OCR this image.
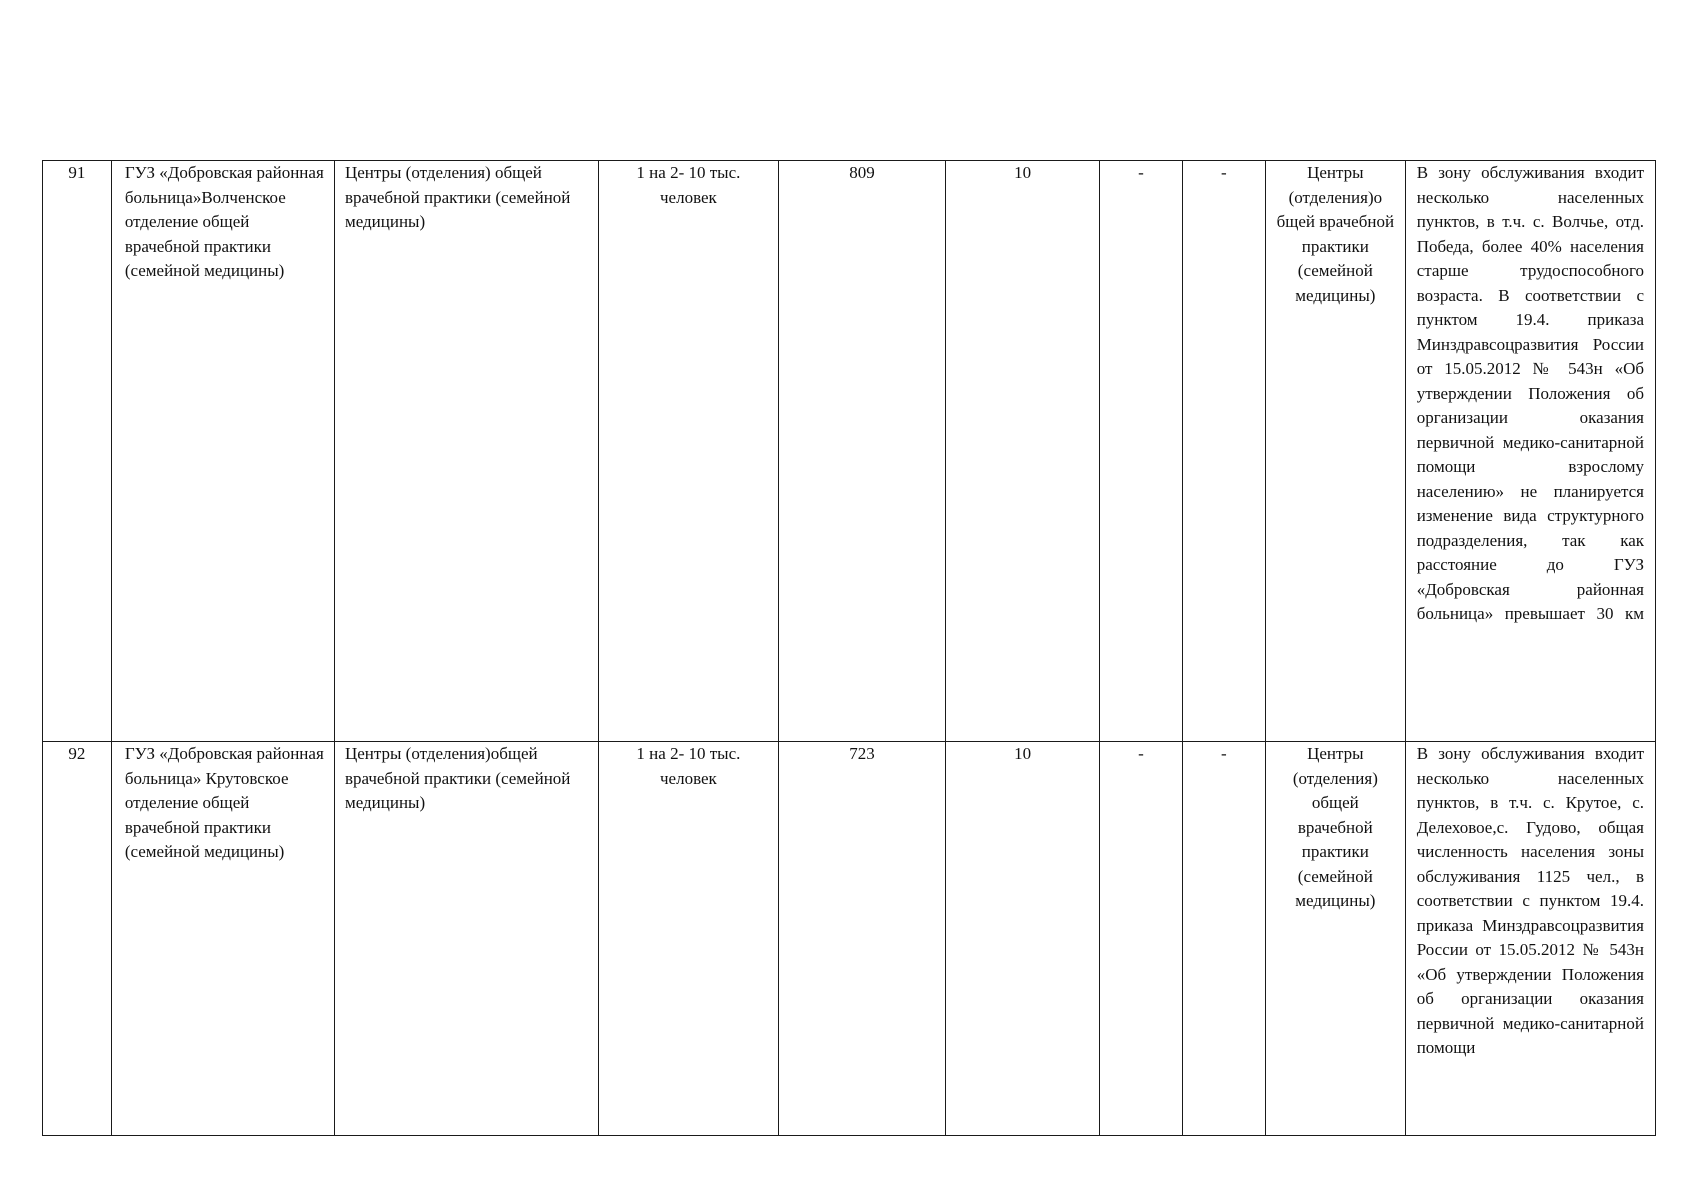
91	ГУЗ «Добровская районная больница»Волченское отделение общей врачебной практики (семейной медицины)	Центры (отделения) общей врачебной практики (семейной медицины)	1 на 2- 10 тыс. человек	809	10	-	-	Центры (отделения)о бщей врачебной практики (семейной медицины)	В зону обслуживания входит несколько населенных пунктов, в т.ч. с. Волчье, отд. Победа, более 40% населения старше трудоспособного возраста. В соответствии с пунктом 19.4. приказа Минздравсоцразвития России от 15.05.2012 № 543н «Об утверждении Положения об организации оказания первичной медико-санитарной помощи взрослому населению» не планируется изменение вида структурного подразделения, так как расстояние до ГУЗ «Добровская районная больница» превышает 30 км
92	ГУЗ «Добровская районная больница» Крутовское отделение общей врачебной практики (семейной медицины)	Центры (отделения)общей врачебной практики (семейной медицины)	1 на 2- 10 тыс. человек	723	10	-	-	Центры (отделения) общей врачебной практики (семейной медицины)	В зону обслуживания входит несколько населенных пунктов, в т.ч. с. Крутое, с. Делеховое,с. Гудово, общая численность населения зоны обслуживания 1125 чел., в соответствии с пунктом 19.4. приказа Минздравсоцразвития России от 15.05.2012 № 543н «Об утверждении Положения об организации оказания первичной медико-санитарной помощи
